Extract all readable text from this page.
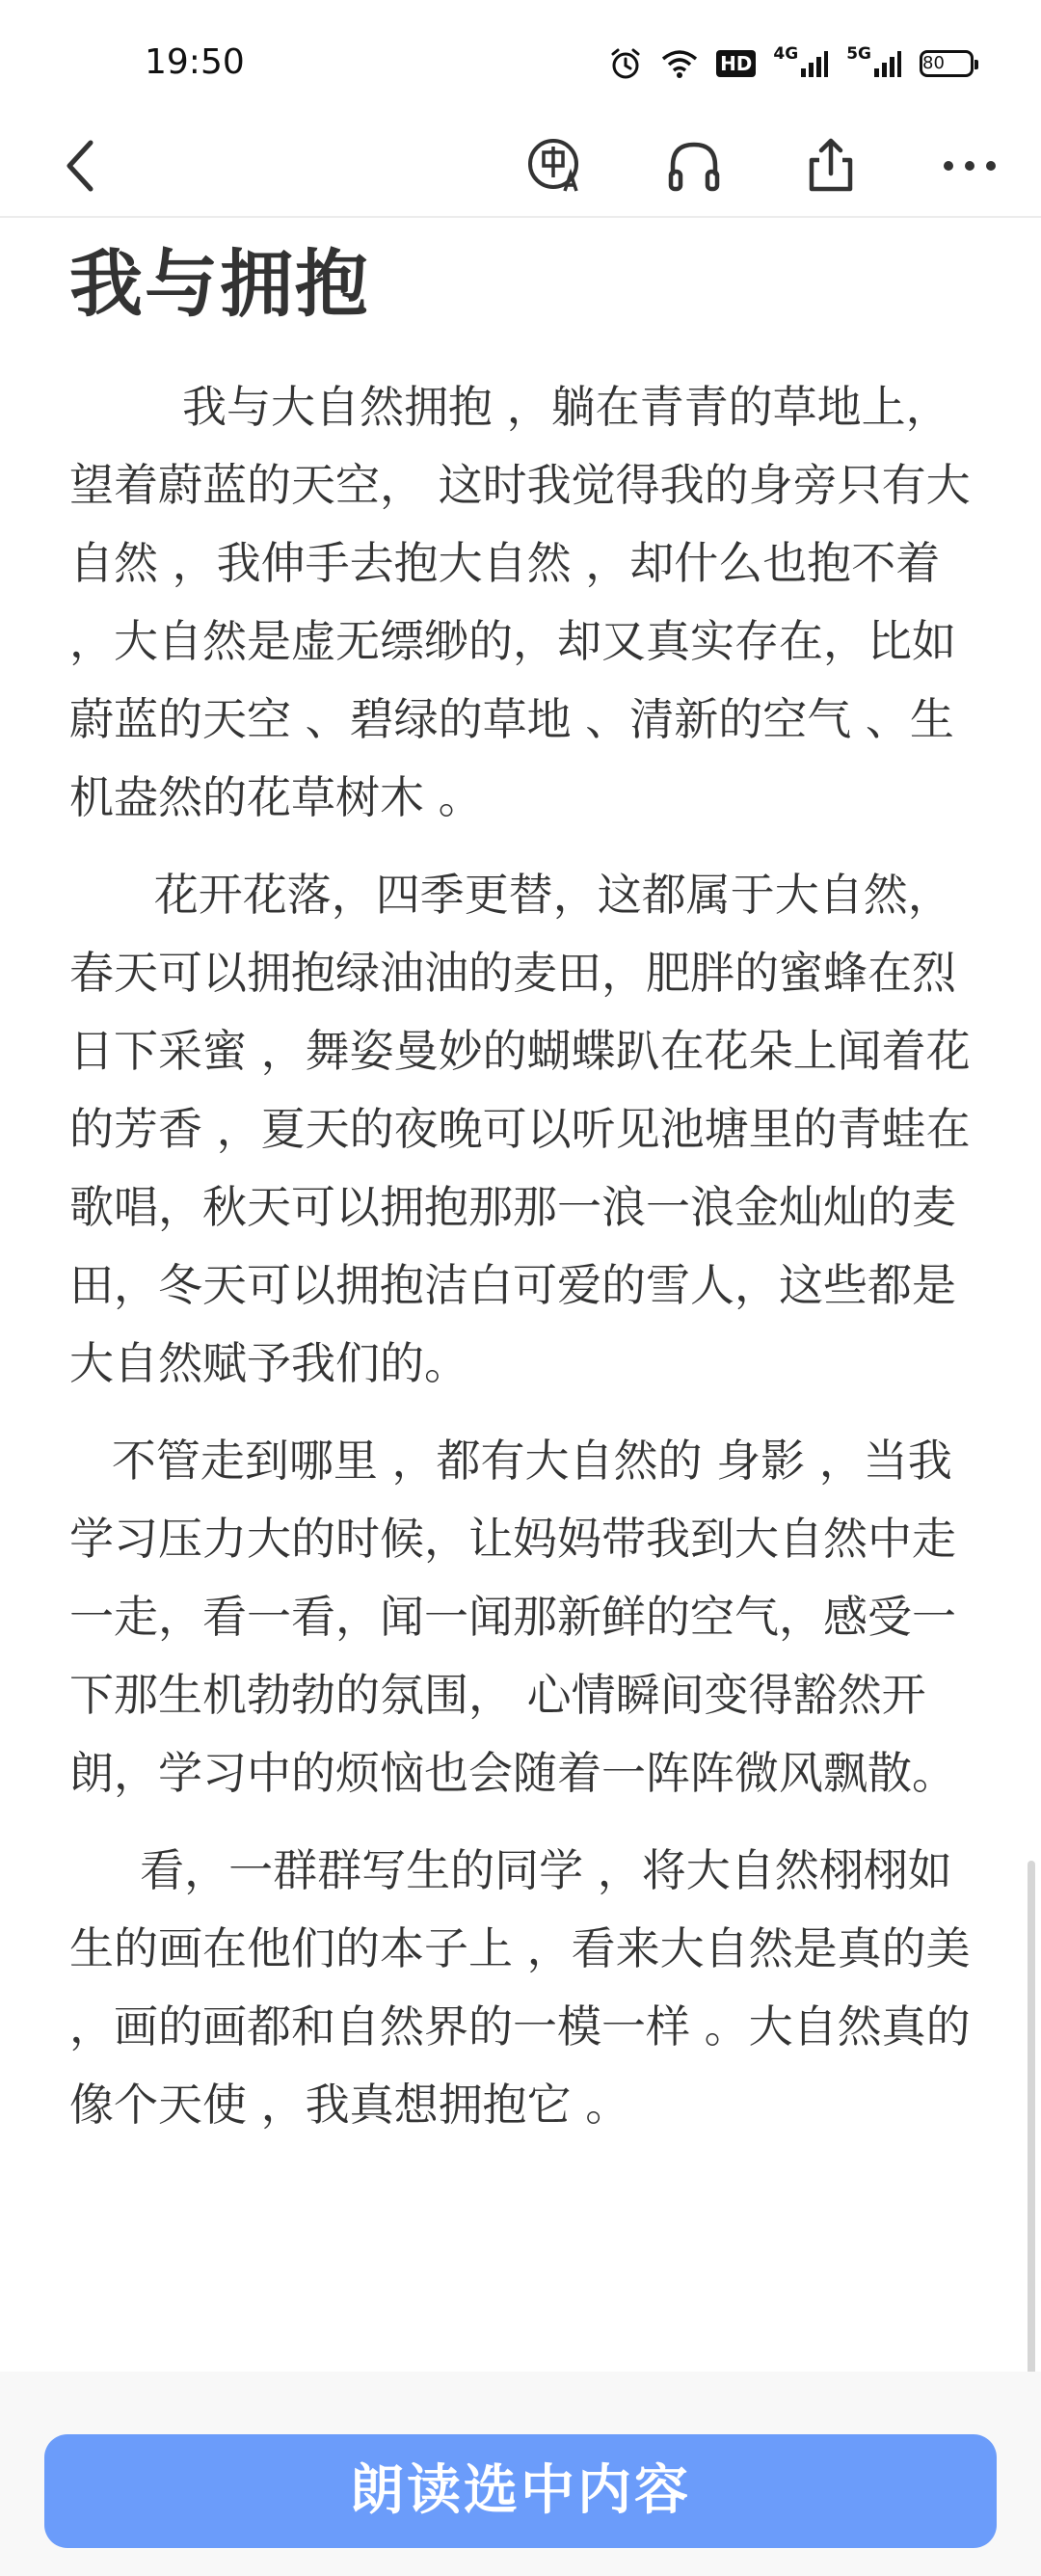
19:50	HD 4G	5G	80
我与拥抱

我与大自然拥抱 ，躺在青青的草地上， 望着蔚蓝的天空， 这时我觉得我的身旁只有大自然 ，我伸手去抱大自然 ，却什么也抱不着 ，大自然是虚无缥缈的，却又真实存在，比如蔚蓝的天空 、碧绿的草地 、清新的空气 、生机盎然的花草树木 。

花开花落，四季更替，这都属于大自然， 春天可以拥抱绿油油的麦田，肥胖的蜜蜂在烈日下采蜜 ，舞姿曼妙的蝴蝶趴在花朵上闻着花的芳香 ，夏天的夜晚可以听见池塘里的青蛙在歌唱，秋天可以拥抱那那一浪一浪金灿灿的麦田，冬天可以拥抱洁白可爱的雪人，这些都是大自然赋予我们的。

不管走到哪里 ，都有大自然的 身影 ，当我学习压力大的时候，让妈妈带我到大自然中走一走，看一看，闻一闻那新鲜的空气，感受一下那生机勃勃的氛围， 心情瞬间变得豁然开朗，学习中的烦恼也会随着一阵阵微风飘散。

看，一群群写生的同学 ，将大自然栩栩如生的画在他们的本子上 ，看来大自然是真的美 ，画的画都和自然界的一模一样 。大自然真的像个天使 ，我真想拥抱它 。

朗读选中内容
